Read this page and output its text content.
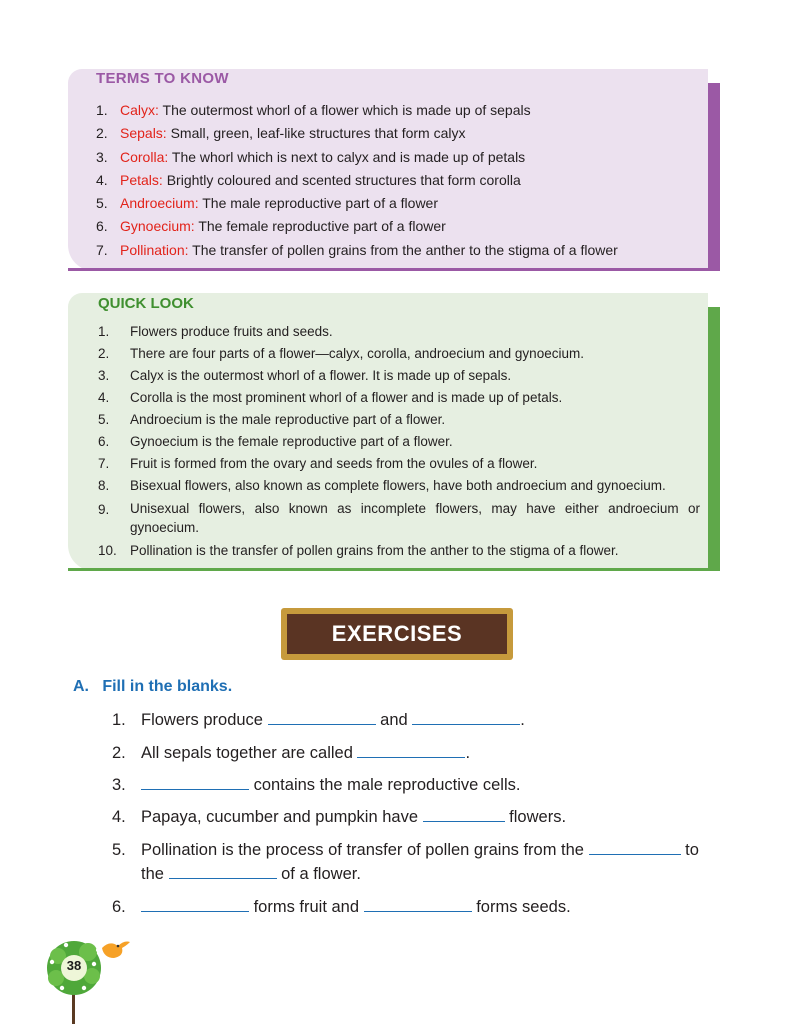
TERMS TO KNOW
1. Calyx: The outermost whorl of a flower which is made up of sepals
2. Sepals: Small, green, leaf-like structures that form calyx
3. Corolla: The whorl which is next to calyx and is made up of petals
4. Petals: Brightly coloured and scented structures that form corolla
5. Androecium: The male reproductive part of a flower
6. Gynoecium: The female reproductive part of a flower
7. Pollination: The transfer of pollen grains from the anther to the stigma of a flower
QUICK LOOK
1.	Flowers produce fruits and seeds.
2.	There are four parts of a flower—calyx, corolla, androecium and gynoecium.
3.	Calyx is the outermost whorl of a flower. It is made up of sepals.
4.	Corolla is the most prominent whorl of a flower and is made up of petals.
5.	Androecium is the male reproductive part of a flower.
6.	Gynoecium is the female reproductive part of a flower.
7.	Fruit is formed from the ovary and seeds from the ovules of a flower.
8.	Bisexual flowers, also known as complete flowers, have both androecium and gynoecium.
9.	Unisexual flowers, also known as incomplete flowers, may have either androecium or gynoecium.
10. Pollination is the transfer of pollen grains from the anther to the stigma of a flower.
EXERCISES
A.   Fill in the blanks.
1. Flowers produce	and	.
2. All sepals together are called	.
3.	contains the male reproductive cells.
4. Papaya, cucumber and pumpkin have	flowers.
5. Pollination is the process of transfer of pollen grains from the	to
the	of a flower.
6.	forms fruit and	forms seeds.
38
